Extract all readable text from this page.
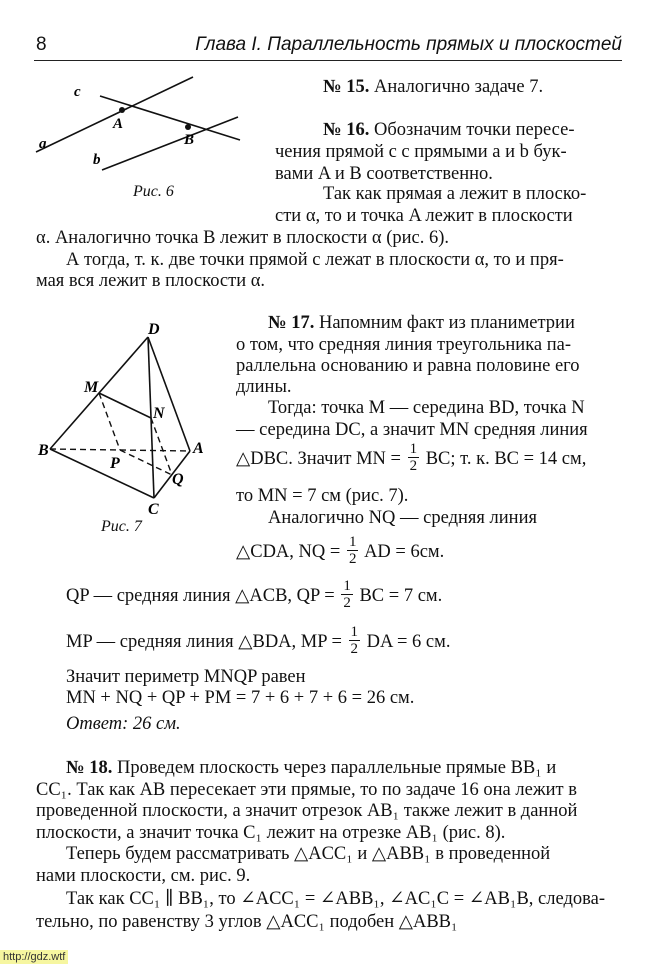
8	Глава I. Параллельность прямых и плоскостей
c
a
b
A
B
Рис. 6
D
M
N
B
P
A
Q
C
Рис. 7
№ 15. Аналогично задаче 7.
№ 16. Обозначим точки пересе-
чения прямой с с прямыми a и b бук-
вами A и B соответственно.
Так как прямая a лежит в плоско-
сти α, то и точка A лежит в плоскости
α. Аналогично точка B лежит в плоскости α (рис. 6).
А тогда, т. к. две точки прямой с лежат в плоскости α, то и пря-
мая вся лежит в плоскости α.
№ 17. Напомним факт из планиметрии
о том, что средняя линия треугольника па-
раллельна основанию и равна половине его
длины.
Тогда: точка M — середина BD, точка N
— середина DC, а значит MN средняя линия
△DBC. Значит MN = $\frac{1}{2}$ BC; т. к. BC = 14 см,
то MN = 7 см (рис. 7).
Аналогично NQ — средняя линия
△CDA, NQ = $\frac{1}{2}$ AD = 6см.
QP — средняя линия △ACB, QP = $\frac{1}{2}$ BC = 7 см.
MP — средняя линия △BDA, MP = $\frac{1}{2}$ DA = 6 см.
Значит периметр MNQP равен
MN + NQ + QP + PM = 7 + 6 + 7 + 6 = 26 см.
Ответ: 26 см.
№ 18. Проведем плоскость через параллельные прямые BB₁ и
CC₁. Так как AB пересекает эти прямые, то по задаче 16 она лежит в
проведенной плоскости, а значит отрезок AB₁ также лежит в данной
плоскости, а значит точка C₁ лежит на отрезке AB₁ (рис. 8).
Теперь будем рассматривать △ACC₁ и △ABB₁ в проведенной
нами плоскости, см. рис. 9.
Так как CC₁ ∥ BB₁, то ∠ACC₁ = ∠ABB₁, ∠AC₁C = ∠AB₁B, следова-
тельно, по равенству 3 углов △ACC₁ подобен △ABB₁
http://gdz.wtf
